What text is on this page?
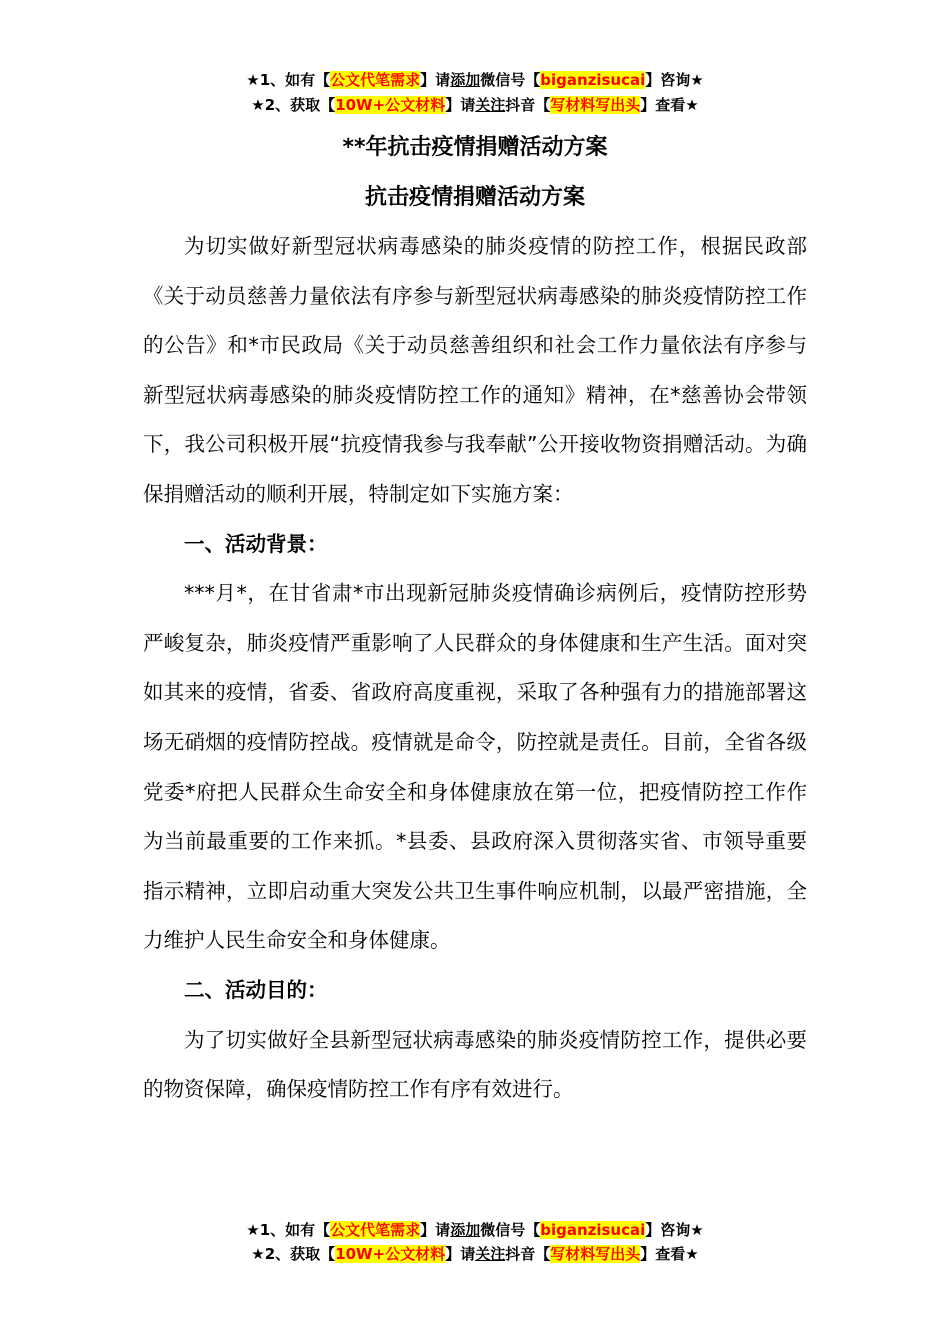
★1、如有【公文代笔需求】请添加微信号【biganzisucai】咨询★
★2、获取【10W+公文材料】请关注抖音【写材料写出头】查看★
**年抗击疫情捐赠活动方案
抗击疫情捐赠活动方案

为切实做好新型冠状病毒感染的肺炎疫情的防控工作，根据民政部《关于动员慈善力量依法有序参与新型冠状病毒感染的肺炎疫情防控工作的公告》和*市民政局《关于动员慈善组织和社会工作力量依法有序参与新型冠状病毒感染的肺炎疫情防控工作的通知》精神，在*慈善协会带领下，我公司积极开展“抗疫情我参与我奉献”公开接收物资捐赠活动。为确保捐赠活动的顺利开展，特制定如下实施方案：

一、活动背景：

***月*，在甘省肃*市出现新冠肺炎疫情确诊病例后，疫情防控形势严峻复杂，肺炎疫情严重影响了人民群众的身体健康和生产生活。面对突如其来的疫情，省委、省政府高度重视，采取了各种强有力的措施部署这场无硝烟的疫情防控战。疫情就是命令，防控就是责任。目前，全省各级党委*府把人民群众生命安全和身体健康放在第一位，把疫情防控工作作为当前最重要的工作来抓。*县委、县政府深入贯彻落实省、市领导重要指示精神，立即启动重大突发公共卫生事件响应机制，以最严密措施，全力维护人民生命安全和身体健康。

二、活动目的：

为了切实做好全县新型冠状病毒感染的肺炎疫情防控工作，提供必要的物资保障，确保疫情防控工作有序有效进行。

★1、如有【公文代笔需求】请添加微信号【biganzisucai】咨询★
★2、获取【10W+公文材料】请关注抖音【写材料写出头】查看★
